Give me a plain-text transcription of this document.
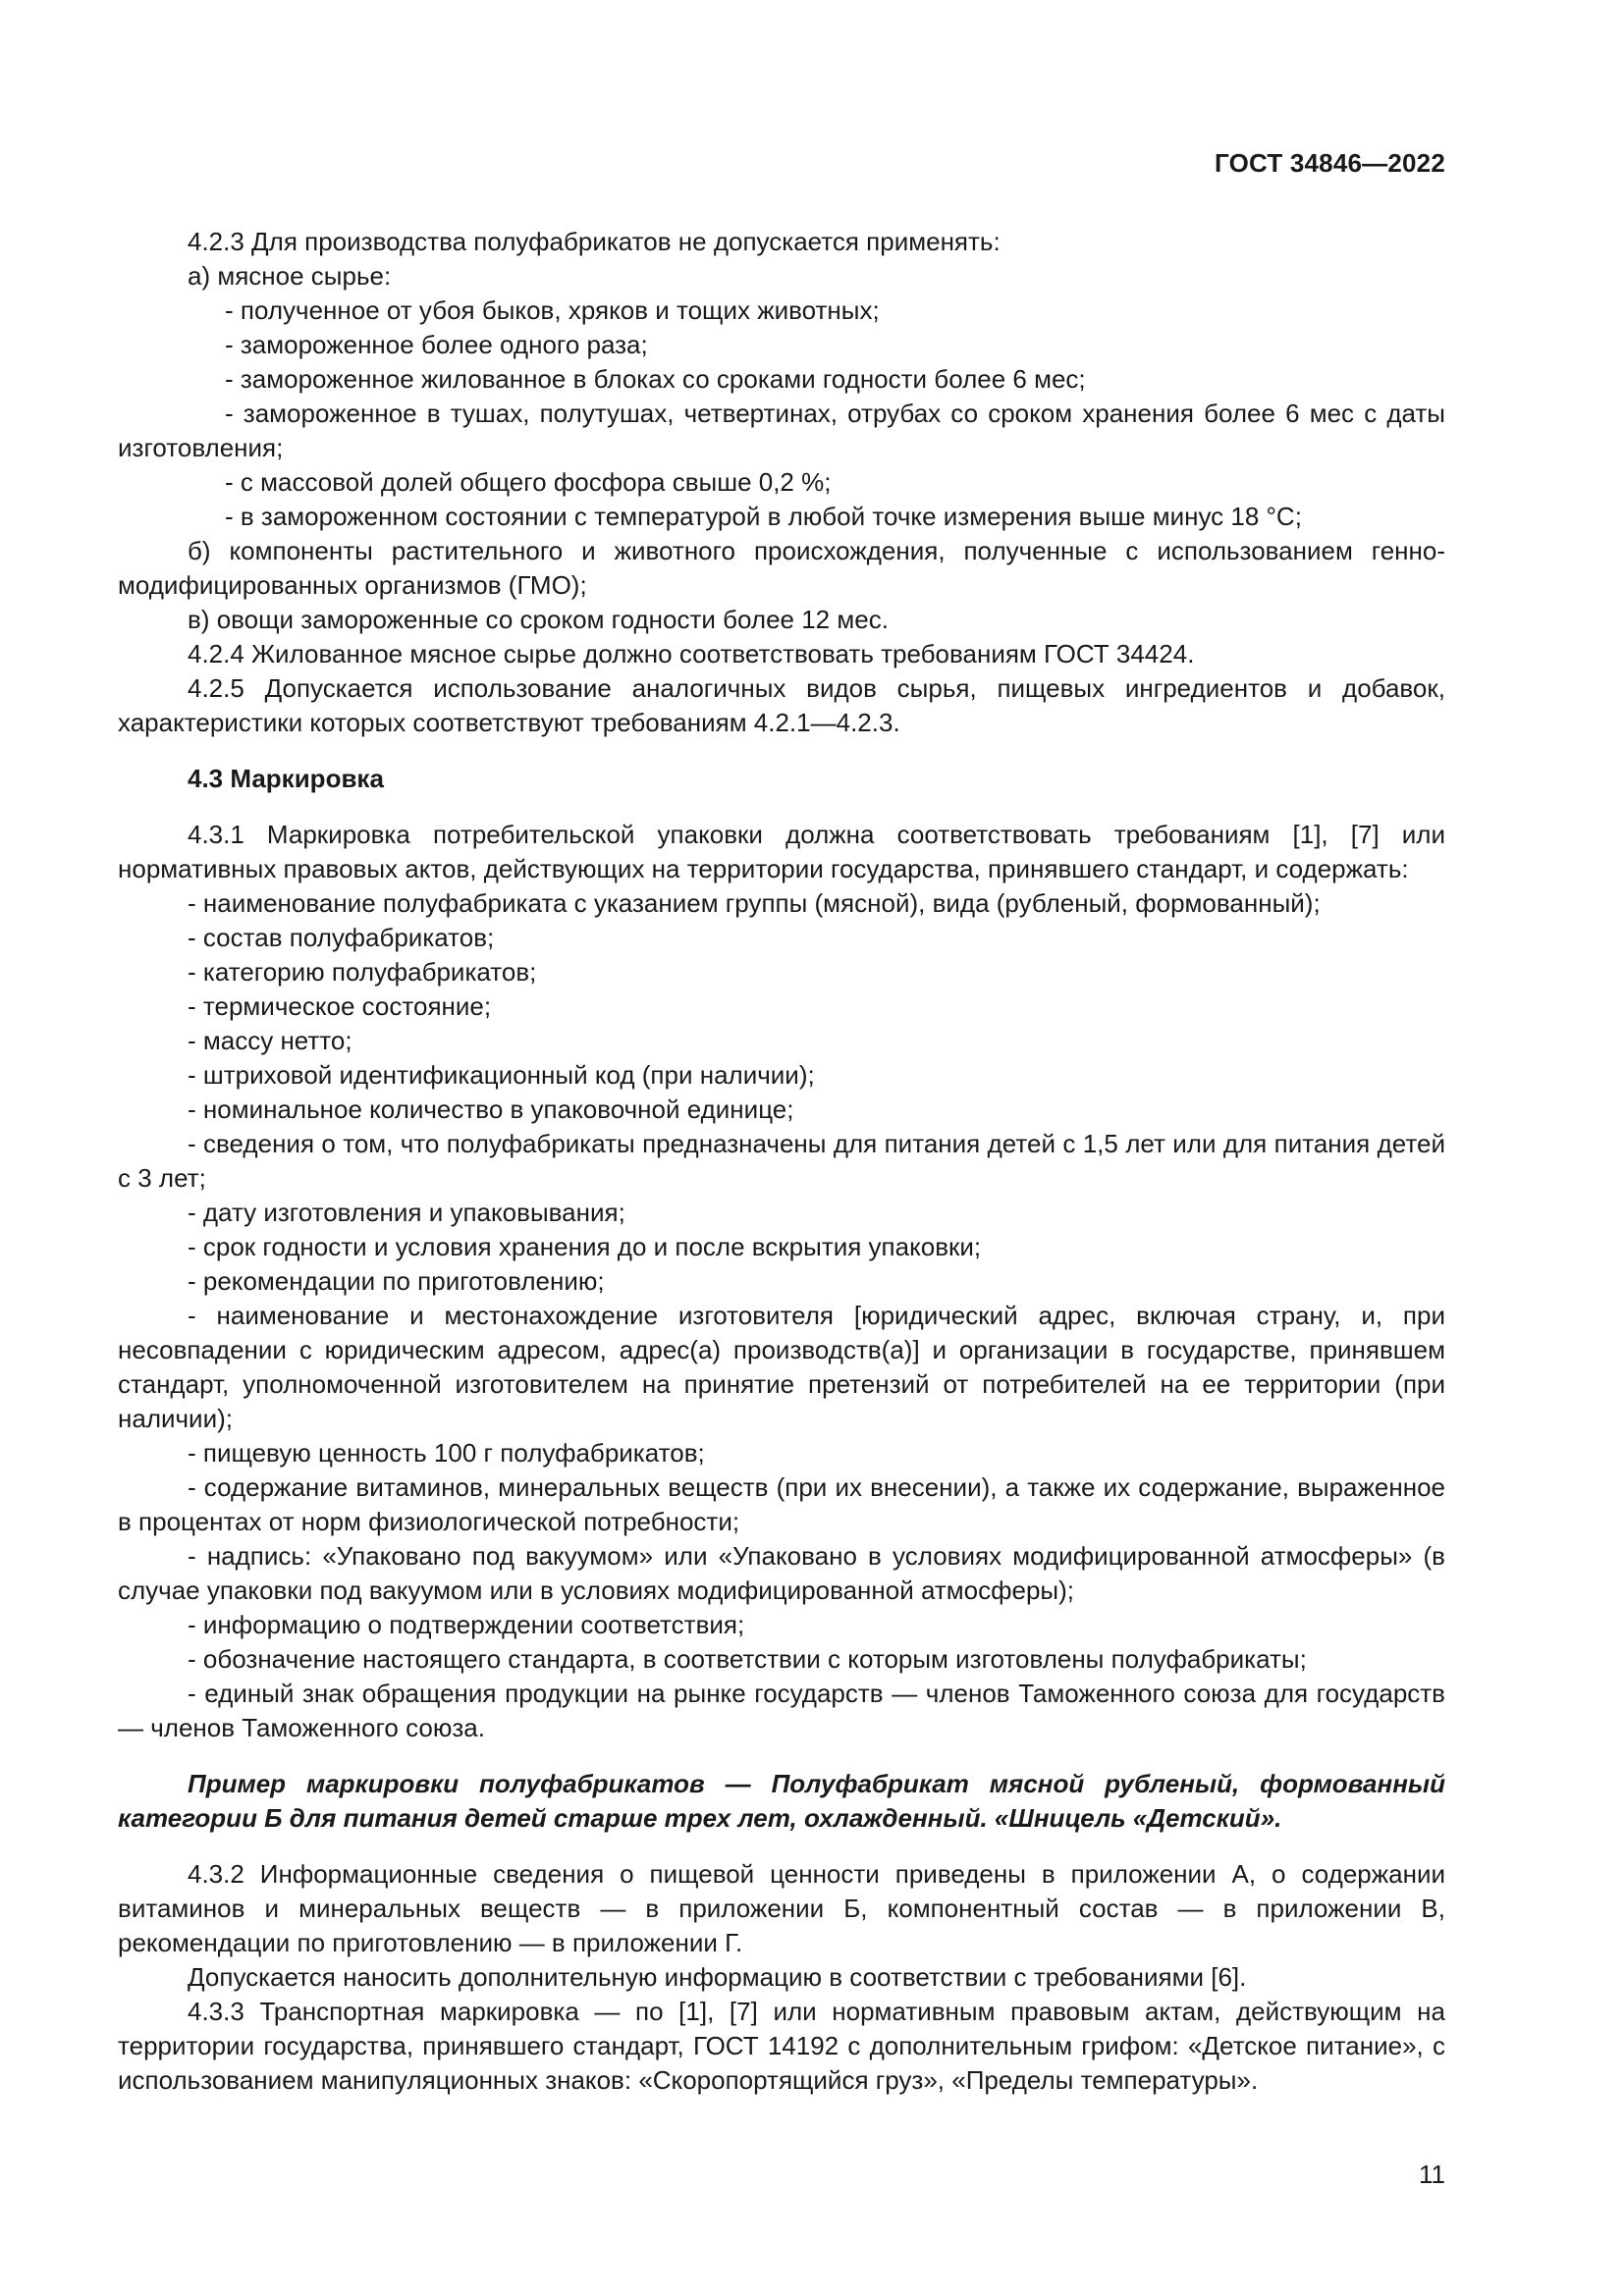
ГОСТ 34846—2022

4.2.3 Для производства полуфабрикатов не допускается применять:

а) мясное сырье:

- полученное от убоя быков, хряков и тощих животных;

- замороженное более одного раза;

- замороженное жилованное в блоках со сроками годности более 6 мес;

- замороженное в тушах, полутушах, четвертинах, отрубах со сроком хранения более 6 мес с даты изготовления;

- с массовой долей общего фосфора свыше 0,2 %;

- в замороженном состоянии с температурой в любой точке измерения выше минус 18 °С;

б) компоненты растительного и животного происхождения, полученные с использованием генно-модифицированных организмов (ГМО);

в) овощи замороженные со сроком годности более 12 мес.

4.2.4 Жилованное мясное сырье должно соответствовать требованиям ГОСТ 34424.

4.2.5 Допускается использование аналогичных видов сырья, пищевых ингредиентов и добавок, характеристики которых соответствуют требованиям 4.2.1—4.2.3.

4.3 Маркировка

4.3.1 Маркировка потребительской упаковки должна соответствовать требованиям [1], [7] или нормативных правовых актов, действующих на территории государства, принявшего стандарт, и содержать:

- наименование полуфабриката с указанием группы (мясной), вида (рубленый, формованный);

- состав полуфабрикатов;

- категорию полуфабрикатов;

- термическое состояние;

- массу нетто;

- штриховой идентификационный код (при наличии);

- номинальное количество в упаковочной единице;

- сведения о том, что полуфабрикаты предназначены для питания детей с 1,5 лет или для питания детей с 3 лет;

- дату изготовления и упаковывания;

- срок годности и условия хранения до и после вскрытия упаковки;

- рекомендации по приготовлению;

- наименование и местонахождение изготовителя [юридический адрес, включая страну, и, при несовпадении с юридическим адресом, адрес(а) производств(а)] и организации в государстве, принявшем стандарт, уполномоченной изготовителем на принятие претензий от потребителей на ее территории (при наличии);

- пищевую ценность 100 г полуфабрикатов;

- содержание витаминов, минеральных веществ (при их внесении), а также их содержание, выраженное в процентах от норм физиологической потребности;

- надпись: «Упаковано под вакуумом» или «Упаковано в условиях модифицированной атмосферы» (в случае упаковки под вакуумом или в условиях модифицированной атмосферы);

- информацию о подтверждении соответствия;

- обозначение настоящего стандарта, в соответствии с которым изготовлены полуфабрикаты;

- единый знак обращения продукции на рынке государств — членов Таможенного союза для государств — членов Таможенного союза.

Пример маркировки полуфабрикатов — Полуфабрикат мясной рубленый, формованный категории Б для питания детей старше трех лет, охлажденный. «Шницель «Детский».

4.3.2 Информационные сведения о пищевой ценности приведены в приложении А, о содержании витаминов и минеральных веществ — в приложении Б, компонентный состав — в приложении В, рекомендации по приготовлению — в приложении Г.

Допускается наносить дополнительную информацию в соответствии с требованиями [6].

4.3.3 Транспортная маркировка — по [1], [7] или нормативным правовым актам, действующим на территории государства, принявшего стандарт, ГОСТ 14192 с дополнительным грифом: «Детское питание», с использованием манипуляционных знаков: «Скоропортящийся груз», «Пределы температуры».

11
